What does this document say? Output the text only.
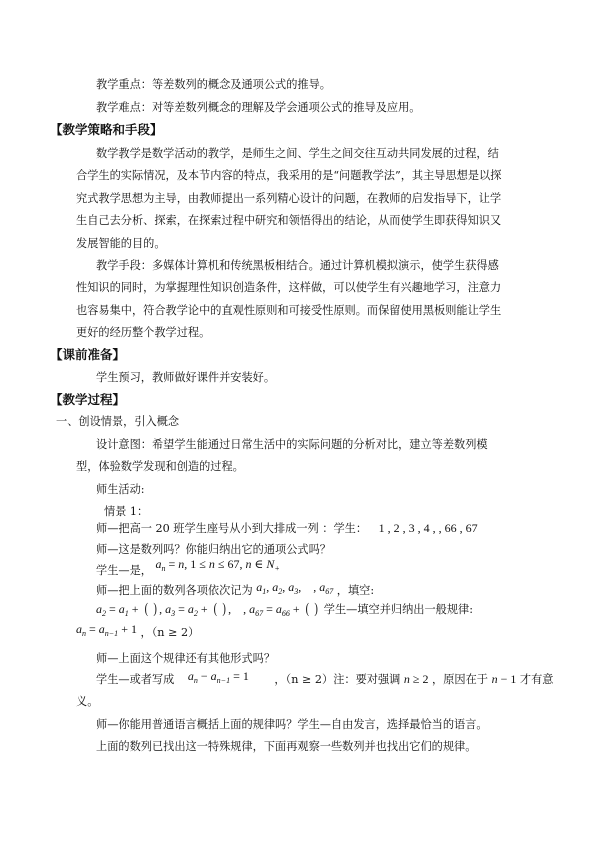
教学重点：等差数列的概念及通项公式的推导。
教学难点：对等差数列概念的理解及学会通项公式的推导及应用。
【教学策略和手段】
数学教学是数学活动的教学，是师生之间、学生之间交往互动共同发展的过程，结
合学生的实际情况，及本节内容的特点，我采用的是“问题教学法”，其主导思想是以探
究式教学思想为主导，由教师提出一系列精心设计的问题，在教师的启发指导下，让学
生自己去分析、探索，在探索过程中研究和领悟得出的结论，从而使学生即获得知识又
发展智能的目的。
教学手段：多媒体计算机和传统黑板相结合。通过计算机模拟演示，使学生获得感
性知识的同时，为掌握理性知识创造条件，这样做，可以使学生有兴趣地学习，注意力
也容易集中，符合教学论中的直观性原则和可接受性原则。而保留使用黑板则能让学生
更好的经历整个教学过程。
【课前准备】
学生预习，教师做好课件并安装好。
【教学过程】
一、创设情景，引入概念
设计意图：希望学生能通过日常生活中的实际问题的分析对比，建立等差数列模
型，体验数学发现和创造的过程。
师生活动:
情景 1：
师—把高一 20 班学生座号从小到大排成一列 ：学生： 1 , 2 , 3 , 4 , , 66 , 67
师—这是数列吗？你能归纳出它的通项公式吗？
学生—是， $a_n = n$, 1 ≤ n ≤ 67, n ∈ $N_+$
师—把上面的数列各项依次记为 $a_1$, $a_2$, $a_3$,    , $a_{67}$ ，填空:
$a_2 = a_1$ + (  ) , $a_3 = a_2$ + (  ) ,    , $a_{67} = a_{66}$ + (  ) 学生—填空并归纳出一般规律:
$a_n = a_{n-1} + 1$ ，（n ≥ 2）
师—上面这个规律还有其他形式吗？
学生—或者写成 $a_n - a_{n-1} = 1$ ，（n ≥ 2）注：要对强调 n ≥ 2 ，原因在于 n − 1 才有意
义。
师—你能用普通语言概括上面的规律吗？学生—自由发言，选择最恰当的语言。
上面的数列已找出这一特殊规律，下面再观察一些数列并也找出它们的规律。
